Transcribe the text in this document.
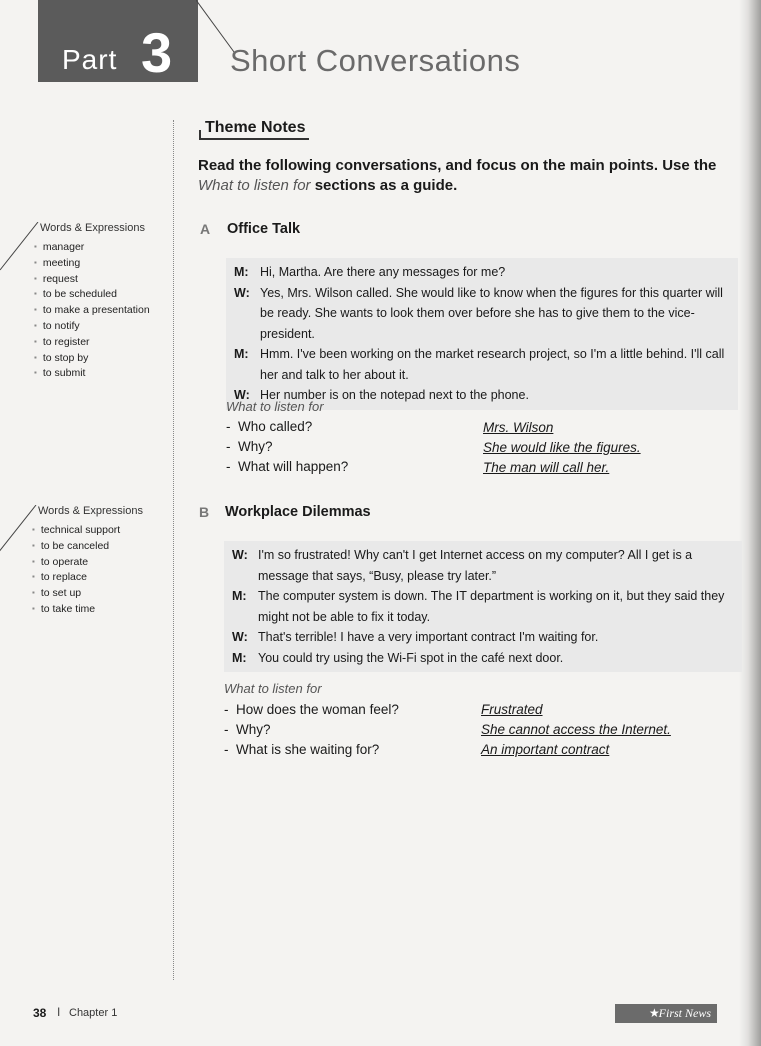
Part 3 Short Conversations
Words & Expressions
▪ manager
▪ meeting
▪ request
▪ to be scheduled
▪ to make a presentation
▪ to notify
▪ to register
▪ to stop by
▪ to submit
Words & Expressions
▪ technical support
▪ to be canceled
▪ to operate
▪ to replace
▪ to set up
▪ to take time
Theme Notes
Read the following conversations, and focus on the main points. Use the What to listen for sections as a guide.
A Office Talk
M: Hi, Martha. Are there any messages for me?
W: Yes, Mrs. Wilson called. She would like to know when the figures for this quarter will be ready. She wants to look them over before she has to give them to the vice-president.
M: Hmm. I've been working on the market research project, so I'm a little behind. I'll call her and talk to her about it.
W: Her number is on the notepad next to the phone.
What to listen for
- Who called?
- Why?
- What will happen?
Mrs. Wilson
She would like the figures.
The man will call her.
B Workplace Dilemmas
W: I'm so frustrated! Why can't I get Internet access on my computer? All I get is a message that says, “Busy, please try later.”
M: The computer system is down. The IT department is working on it, but they said they might not be able to fix it today.
W: That's terrible! I have a very important contract I'm waiting for.
M: You could try using the Wi-Fi spot in the café next door.
What to listen for
- How does the woman feel?
- Why?
- What is she waiting for?
Frustrated
She cannot access the Internet.
An important contract
38 I Chapter 1	★
First News
